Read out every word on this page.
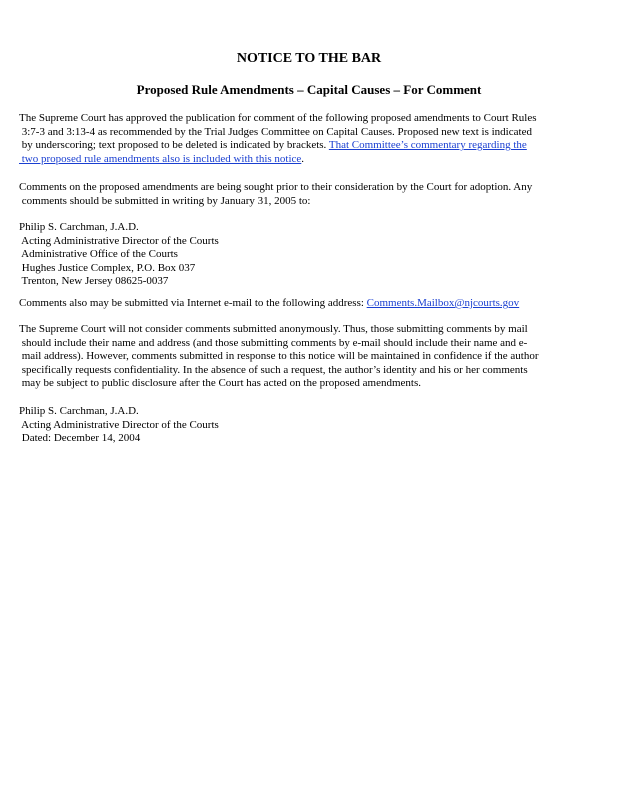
NOTICE TO THE BAR
Proposed Rule Amendments – Capital Causes – For Comment
The Supreme Court has approved the publication for comment of the following proposed amendments to Court Rules
3:7-3 and 3:13-4 as recommended by the Trial Judges Committee on Capital Causes. Proposed new text is indicated
by underscoring; text proposed to be deleted is indicated by brackets. That Committee’s commentary regarding the
two proposed rule amendments also is included with this notice.
Comments on the proposed amendments are being sought prior to their consideration by the Court for adoption. Any
comments should be submitted in writing by January 31, 2005 to:
Philip S. Carchman, J.A.D.
Acting Administrative Director of the Courts
Administrative Office of the Courts
Hughes Justice Complex, P.O. Box 037
Trenton, New Jersey 08625-0037
Comments also may be submitted via Internet e-mail to the following address: Comments.Mailbox@njcourts.gov
The Supreme Court will not consider comments submitted anonymously. Thus, those submitting comments by mail
should include their name and address (and those submitting comments by e-mail should include their name and e-
mail address). However, comments submitted in response to this notice will be maintained in confidence if the author
specifically requests confidentiality. In the absence of such a request, the author’s identity and his or her comments
may be subject to public disclosure after the Court has acted on the proposed amendments.
Philip S. Carchman, J.A.D.
Acting Administrative Director of the Courts
Dated: December 14, 2004
